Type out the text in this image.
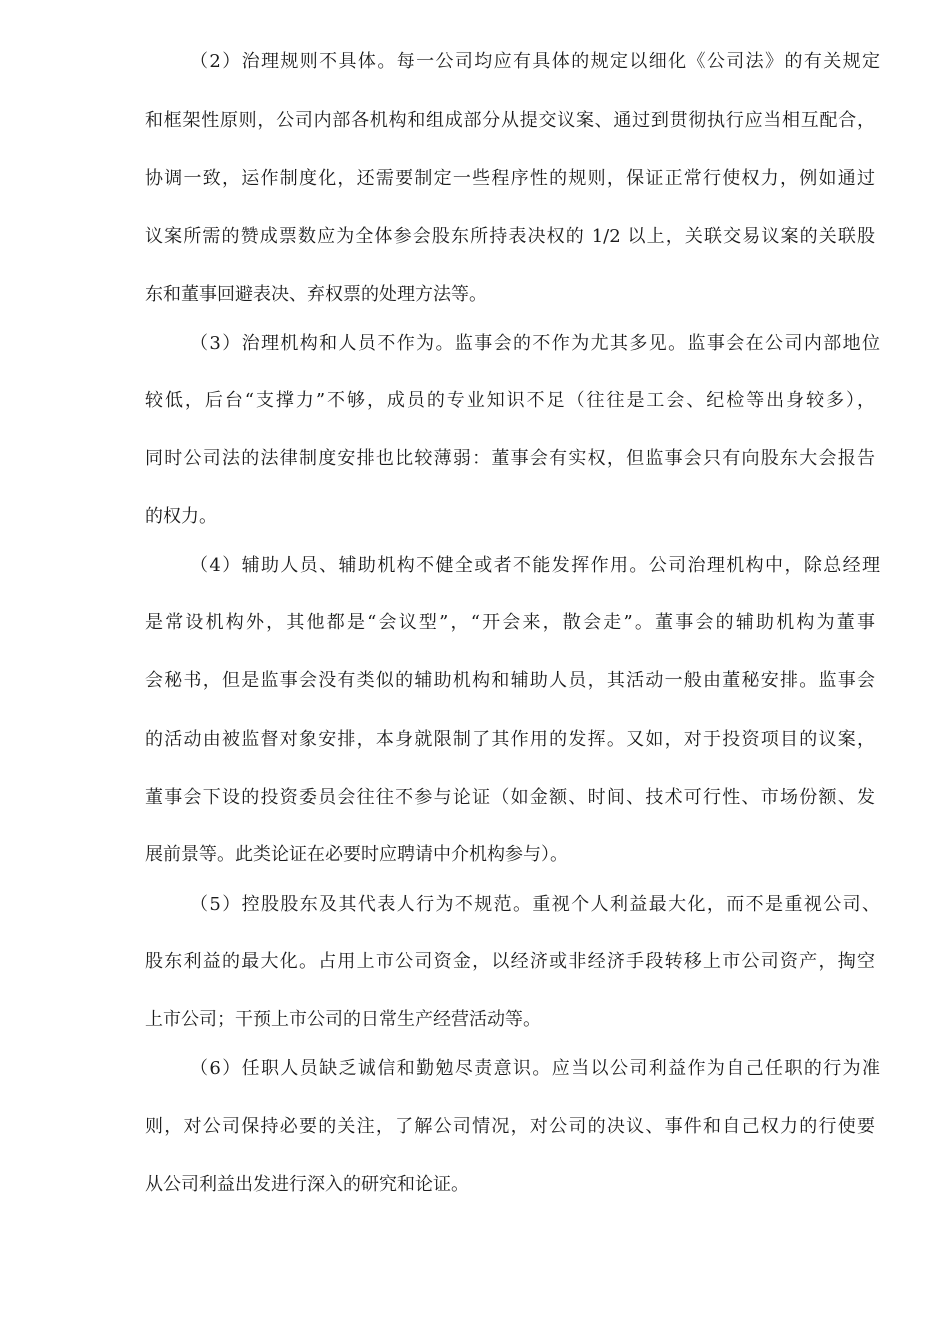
（2）治理规则不具体。每一公司均应有具体的规定以细化《公司法》的有关规定
和框架性原则，公司内部各机构和组成部分从提交议案、通过到贯彻执行应当相互配合，
协调一致，运作制度化，还需要制定一些程序性的规则，保证正常行使权力，例如通过
议案所需的赞成票数应为全体参会股东所持表决权的 1/2 以上，关联交易议案的关联股
东和董事回避表决、弃权票的处理方法等。
（3）治理机构和人员不作为。监事会的不作为尤其多见。监事会在公司内部地位
较低，后台“支撑力”不够，成员的专业知识不足（往往是工会、纪检等出身较多），
同时公司法的法律制度安排也比较薄弱：董事会有实权，但监事会只有向股东大会报告
的权力。
（4）辅助人员、辅助机构不健全或者不能发挥作用。公司治理机构中，除总经理
是常设机构外，其他都是“会议型”，“开会来，散会走”。董事会的辅助机构为董事
会秘书，但是监事会没有类似的辅助机构和辅助人员，其活动一般由董秘安排。监事会
的活动由被监督对象安排，本身就限制了其作用的发挥。又如，对于投资项目的议案，
董事会下设的投资委员会往往不参与论证（如金额、时间、技术可行性、市场份额、发
展前景等。此类论证在必要时应聘请中介机构参与）。
（5）控股股东及其代表人行为不规范。重视个人利益最大化，而不是重视公司、
股东利益的最大化。占用上市公司资金，以经济或非经济手段转移上市公司资产，掏空
上市公司；干预上市公司的日常生产经营活动等。
（6）任职人员缺乏诚信和勤勉尽责意识。应当以公司利益作为自己任职的行为准
则，对公司保持必要的关注，了解公司情况，对公司的决议、事件和自己权力的行使要
从公司利益出发进行深入的研究和论证。
